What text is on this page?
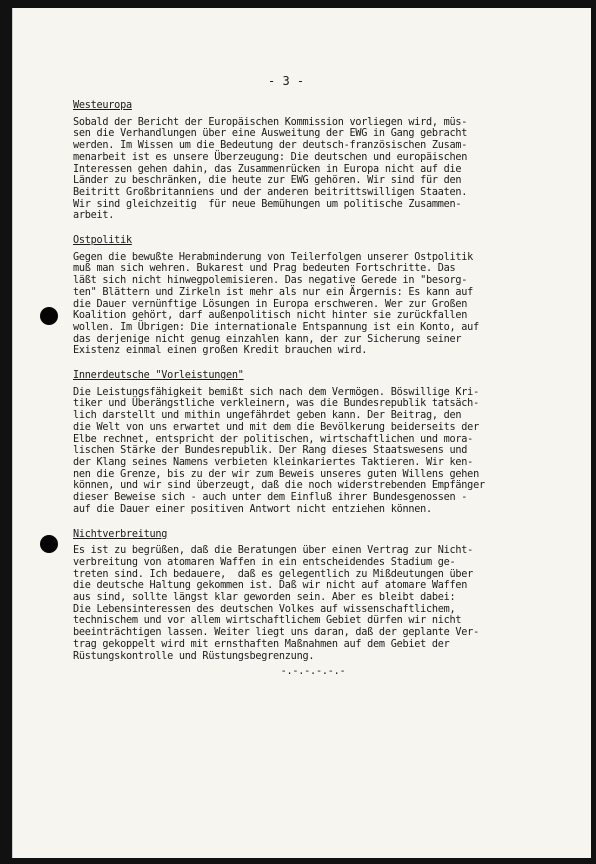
- 3 -
Westeuropa
Sobald der Bericht der Europäischen Kommission vorliegen wird, müs-
sen die Verhandlungen über eine Ausweitung der EWG in Gang gebracht
werden. Im Wissen um die Bedeutung der deutsch-französischen Zusam-
menarbeit ist es unsere Überzeugung: Die deutschen und europäischen
Interessen gehen dahin, das Zusammenrücken in Europa nicht auf die
Länder zu beschränken, die heute zur EWG gehören. Wir sind für den
Beitritt Großbritanniens und der anderen beitrittswilligen Staaten.
Wir sind gleichzeitig  für neue Bemühungen um politische Zusammen-
arbeit.
Ostpolitik
Gegen die bewußte Herabminderung von Teilerfolgen unserer Ostpolitik
muß man sich wehren. Bukarest und Prag bedeuten Fortschritte. Das
läßt sich nicht hinwegpolemisieren. Das negative Gerede in "besorg-
ten" Blättern und Zirkeln ist mehr als nur ein Ärgernis: Es kann auf
die Dauer vernünftige Lösungen in Europa erschweren. Wer zur Großen
Koalition gehört, darf außenpolitisch nicht hinter sie zurückfallen
wollen. Im Übrigen: Die internationale Entspannung ist ein Konto, auf
das derjenige nicht genug einzahlen kann, der zur Sicherung seiner
Existenz einmal einen großen Kredit brauchen wird.
Innerdeutsche "Vorleistungen"
Die Leistungsfähigkeit bemißt sich nach dem Vermögen. Böswillige Kri-
tiker und Überängstliche verkleinern, was die Bundesrepublik tatsäch-
lich darstellt und mithin ungefährdet geben kann. Der Beitrag, den
die Welt von uns erwartet und mit dem die Bevölkerung beiderseits der
Elbe rechnet, entspricht der politischen, wirtschaftlichen und mora-
lischen Stärke der Bundesrepublik. Der Rang dieses Staatswesens und
der Klang seines Namens verbieten kleinkariertes Taktieren. Wir ken-
nen die Grenze, bis zu der wir zum Beweis unseres guten Willens gehen
können, und wir sind überzeugt, daß die noch widerstrebenden Empfänger
dieser Beweise sich - auch unter dem Einfluß ihrer Bundesgenossen -
auf die Dauer einer positiven Antwort nicht entziehen können.
Nichtverbreitung
Es ist zu begrüßen, daß die Beratungen über einen Vertrag zur Nicht-
verbreitung von atomaren Waffen in ein entscheidendes Stadium ge-
treten sind. Ich bedauere,  daß es gelegentlich zu Mißdeutungen über
die deutsche Haltung gekommen ist. Daß wir nicht auf atomare Waffen
aus sind, sollte längst klar geworden sein. Aber es bleibt dabei:
Die Lebensinteressen des deutschen Volkes auf wissenschaftlichem,
technischem und vor allem wirtschaftlichem Gebiet dürfen wir nicht
beeinträchtigen lassen. Weiter liegt uns daran, daß der geplante Ver-
trag gekoppelt wird mit ernsthaften Maßnahmen auf dem Gebiet der
Rüstungskontrolle und Rüstungsbegrenzung.
-.-.-.-.-.-
